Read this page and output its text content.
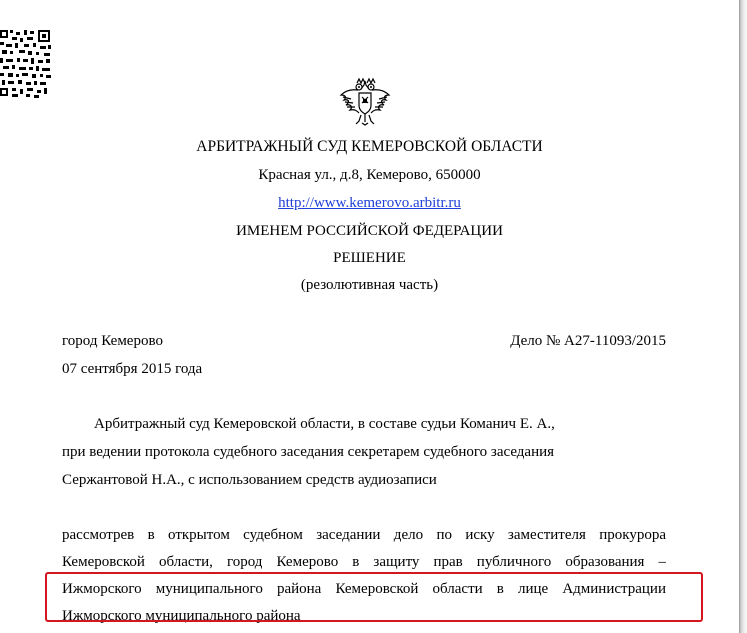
АРБИТРАЖНЫЙ СУД КЕМЕРОВСКОЙ ОБЛАСТИ
Красная ул., д.8, Кемерово, 650000
http://www.kemerovo.arbitr.ru
ИМЕНЕМ РОССИЙСКОЙ ФЕДЕРАЦИИ
РЕШЕНИЕ
(резолютивная часть)
город Кемерово	Дело № А27-11093/2015
07 сентября 2015 года
Арбитражный суд Кемеровской области, в составе судьи Команич Е. А.,
при ведении протокола судебного заседания секретарем судебного заседания
Сержантовой Н.А., с использованием средств аудиозаписи
рассмотрев в открытом судебном заседании дело по иску заместителя прокурора
Кемеровской области, город Кемерово в защиту прав публичного образования –
Ижморского муниципального района Кемеровской области в лице Администрации
Ижморского муниципального района
